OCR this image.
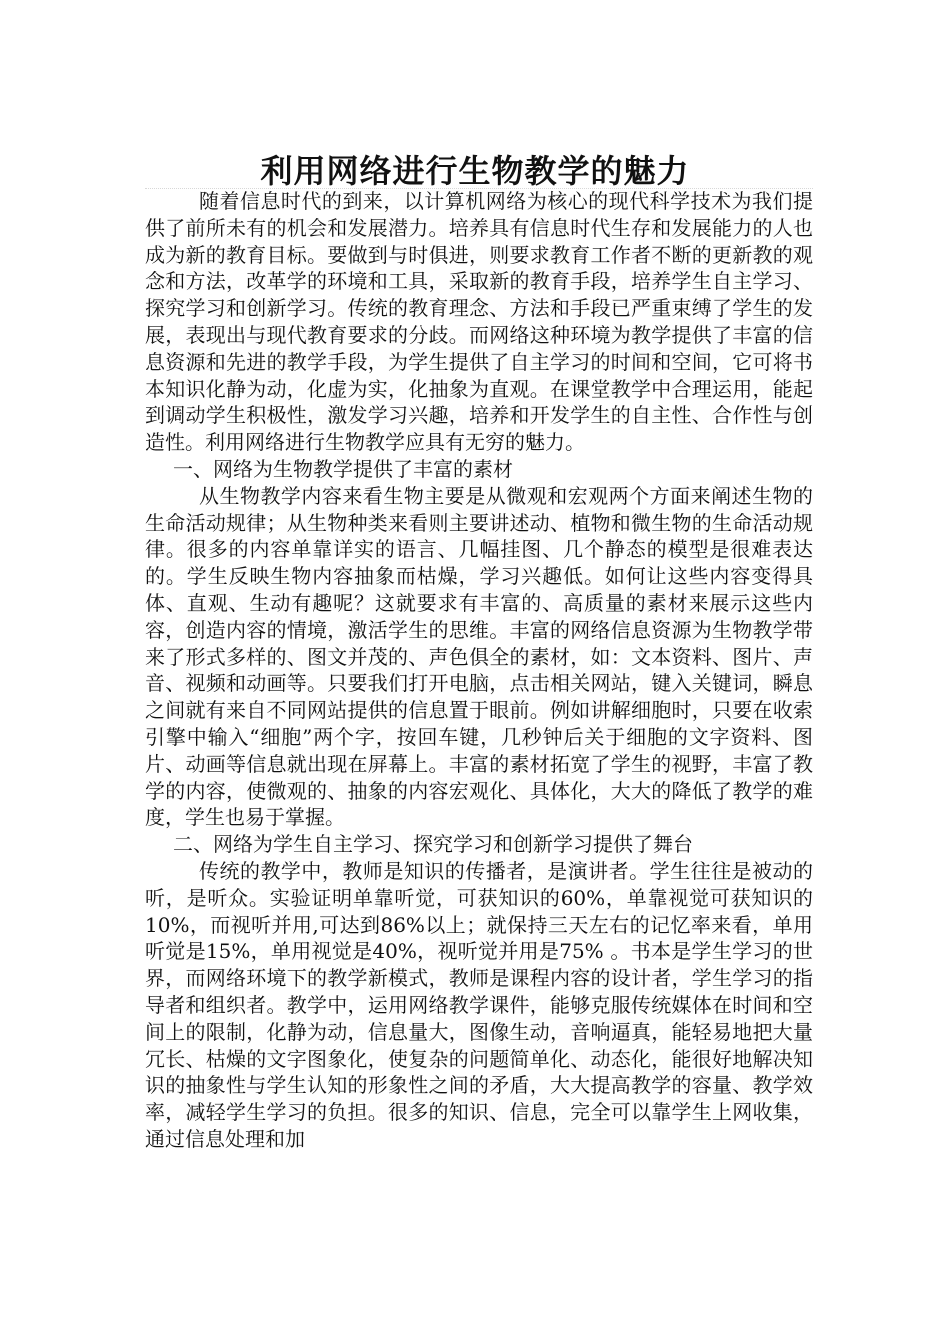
利用网络进行生物教学的魅力

随着信息时代的到来，以计算机网络为核心的现代科学技术为我们提供了前所未有的机会和发展潜力。培养具有信息时代生存和发展能力的人也成为新的教育目标。要做到与时俱进，则要求教育工作者不断的更新教的观念和方法，改革学的环境和工具，采取新的教育手段，培养学生自主学习、探究学习和创新学习。传统的教育理念、方法和手段已严重束缚了学生的发展，表现出与现代教育要求的分歧。而网络这种环境为教学提供了丰富的信息资源和先进的教学手段，为学生提供了自主学习的时间和空间，它可将书本知识化静为动，化虚为实，化抽象为直观。在课堂教学中合理运用，能起到调动学生积极性，激发学习兴趣，培养和开发学生的自主性、合作性与创造性。利用网络进行生物教学应具有无穷的魅力。

一、网络为生物教学提供了丰富的素材

从生物教学内容来看生物主要是从微观和宏观两个方面来阐述生物的生命活动规律；从生物种类来看则主要讲述动、植物和微生物的生命活动规律。很多的内容单靠详实的语言、几幅挂图、几个静态的模型是很难表达的。学生反映生物内容抽象而枯燥，学习兴趣低。如何让这些内容变得具体、直观、生动有趣呢？这就要求有丰富的、高质量的素材来展示这些内容，创造内容的情境，激活学生的思维。丰富的网络信息资源为生物教学带来了形式多样的、图文并茂的、声色俱全的素材，如：文本资料、图片、声音、视频和动画等。只要我们打开电脑，点击相关网站，键入关键词，瞬息之间就有来自不同网站提供的信息置于眼前。例如讲解细胞时，只要在收索引擎中输入“细胞”两个字，按回车键，几秒钟后关于细胞的文字资料、图片、动画等信息就出现在屏幕上。丰富的素材拓宽了学生的视野，丰富了教学的内容，使微观的、抽象的内容宏观化、具体化，大大的降低了教学的难度，学生也易于掌握。

二、网络为学生自主学习、探究学习和创新学习提供了舞台

传统的教学中，教师是知识的传播者，是演讲者。学生往往是被动的听，是听众。实验证明单靠听觉，可获知识的60%，单靠视觉可获知识的10%，而视听并用,可达到86%以上；就保持三天左右的记忆率来看，单用听觉是15%，单用视觉是40%，视听觉并用是75% 。书本是学生学习的世界，而网络环境下的教学新模式，教师是课程内容的设计者，学生学习的指导者和组织者。教学中，运用网络教学课件，能够克服传统媒体在时间和空间上的限制，化静为动，信息量大，图像生动，音响逼真，能轻易地把大量冗长、枯燥的文字图象化，使复杂的问题简单化、动态化，能很好地解决知识的抽象性与学生认知的形象性之间的矛盾，大大提高教学的容量、教学效率，减轻学生学习的负担。很多的知识、信息，完全可以靠学生上网收集，通过信息处理和加
